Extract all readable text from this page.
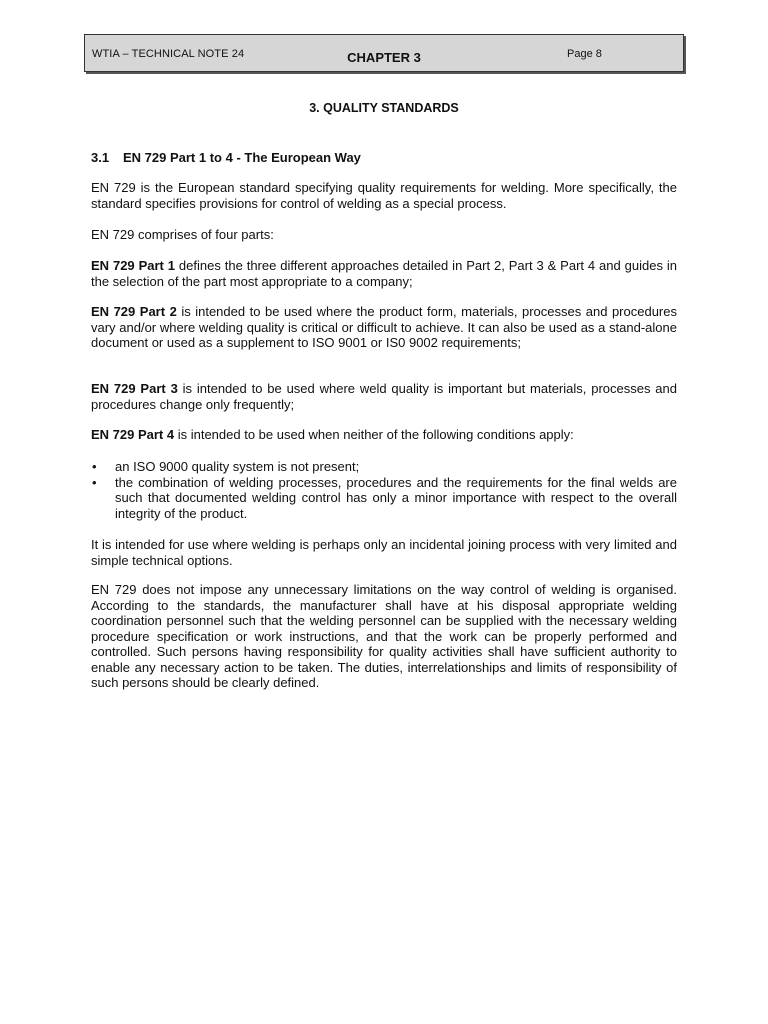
WTIA – TECHNICAL NOTE 24	CHAPTER 3	Page 8
3. QUALITY STANDARDS
3.1 EN 729 Part 1 to 4 - The European Way

EN 729 is the European standard specifying quality requirements for welding. More specifically, the standard specifies provisions for control of welding as a special process.

EN 729 comprises of four parts:

EN 729 Part 1 defines the three different approaches detailed in Part 2, Part 3 & Part 4 and guides in the selection of the part most appropriate to a company;

EN 729 Part 2 is intended to be used where the product form, materials, processes and procedures vary and/or where welding quality is critical or difficult to achieve. It can also be used as a stand-alone document or used as a supplement to ISO 9001 or IS0 9002 requirements;

EN 729 Part 3 is intended to be used where weld quality is important but materials, processes and procedures change only frequently;

EN 729 Part 4 is intended to be used when neither of the following conditions apply:

• an ISO 9000 quality system is not present;
• the combination of welding processes, procedures and the requirements for the final welds are such that documented welding control has only a minor importance with respect to the overall integrity of the product.

It is intended for use where welding is perhaps only an incidental joining process with very limited and simple technical options.

EN 729 does not impose any unnecessary limitations on the way control of welding is organised. According to the standards, the manufacturer shall have at his disposal appropriate welding coordination personnel such that the welding personnel can be supplied with the necessary welding procedure specification or work instructions, and that the work can be properly performed and controlled. Such persons having responsibility for quality activities shall have sufficient authority to enable any necessary action to be taken. The duties, interrelationships and limits of responsibility of such persons should be clearly defined.
